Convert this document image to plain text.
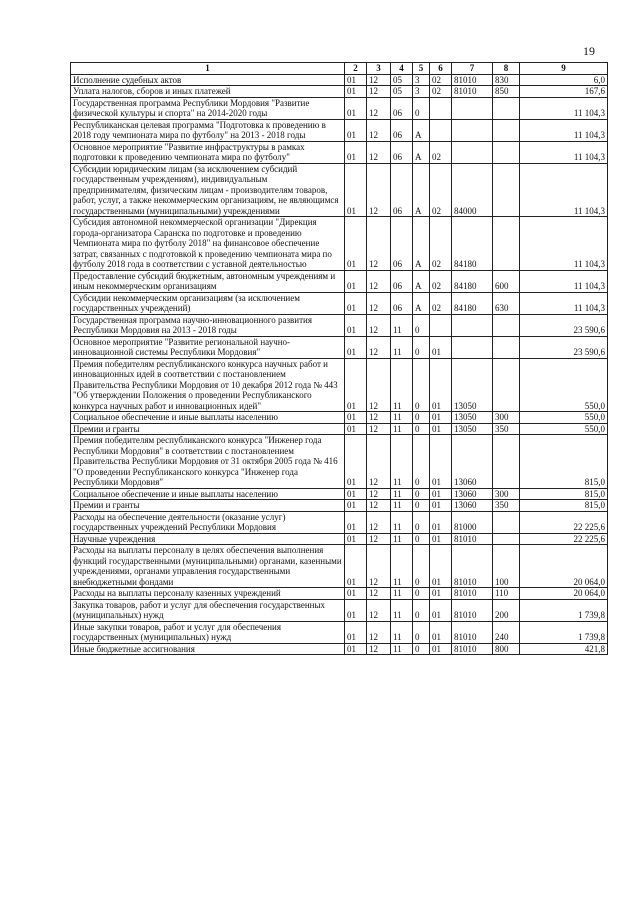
19
1	2	3	4	5	6	7	8	9
Исполнение судебных актов	01	12	05	3	02	81010	830	6,0
Уплата налогов, сборов и иных платежей	01	12	05	3	02	81010	850	167,6
Государственная программа Республики Мордовия "Развитие физической культуры и спорта" на 2014-2020 годы	01	12	06	0				11 104,3
Республиканская целевая программа "Подготовка к проведению в 2018 году чемпионата мира по футболу" на 2013 - 2018 годы	01	12	06	А				11 104,3
Основное мероприятие "Развитие инфраструктуры в рамках подготовки к проведению чемпионата мира по футболу"	01	12	06	А	02			11 104,3
Субсидии юридическим лицам (за исключением субсидий государственным учреждениям), индивидуальным предпринимателям, физическим лицам - производителям товаров, работ, услуг, а также некоммерческим организациям, не являющимся государственными (муниципальными) учреждениями	01	12	06	А	02	84000		11 104,3
Субсидия автономной некоммерческой организации "Дирекция города-организатора Саранска по подготовке и проведению Чемпионата мира по футболу 2018" на финансовое обеспечение затрат, связанных с подготовкой к проведению чемпионата мира по футболу 2018 года в соответствии с уставной деятельностью	01	12	06	А	02	84180		11 104,3
Предоставление субсидий бюджетным, автономным учреждениям и иным некоммерческим организациям	01	12	06	А	02	84180	600	11 104,3
Субсидии некоммерческим организациям (за исключением государственных учреждений)	01	12	06	А	02	84180	630	11 104,3
Государственная программа научно-инновационного развития Республики Мордовия на 2013 - 2018 годы	01	12	11	0				23 590,6
Основное мероприятие "Развитие региональной научно-инновационной системы Республики Мордовия"	01	12	11	0	01			23 590,6
Премия победителям республиканского конкурса научных работ и инновационных идей в соответствии с постановлением Правительства Республики Мордовия от 10 декабря 2012 года № 443 "Об утверждении Положения о проведении Республиканского конкурса научных работ и инновационных идей"	01	12	11	0	01	13050		550,0
Социальное обеспечение и иные выплаты населению	01	12	11	0	01	13050	300	550,0
Премии и гранты	01	12	11	0	01	13050	350	550,0
Премия победителям республиканского конкурса "Инженер года Республики Мордовия" в соответствии с постановлением Правительства Республики Мордовия от 31 октября 2005 года № 416 "О проведении Республиканского конкурса "Инженер года Республики Мордовия"	01	12	11	0	01	13060		815,0
Социальное обеспечение и иные выплаты населению	01	12	11	0	01	13060	300	815,0
Премии и гранты	01	12	11	0	01	13060	350	815,0
Расходы на обеспечение деятельности (оказание услуг) государственных учреждений Республики Мордовия	01	12	11	0	01	81000		22 225,6
Научные учреждения	01	12	11	0	01	81010		22 225,6
Расходы на выплаты персоналу в целях обеспечения выполнения функций государственными (муниципальными) органами, казенными учреждениями, органами управления государственными внебюджетными фондами	01	12	11	0	01	81010	100	20 064,0
Расходы на выплаты персоналу казенных учреждений	01	12	11	0	01	81010	110	20 064,0
Закупка товаров, работ и услуг для обеспечения государственных (муниципальных) нужд	01	12	11	0	01	81010	200	1 739,8
Иные закупки товаров, работ и услуг для обеспечения государственных (муниципальных) нужд	01	12	11	0	01	81010	240	1 739,8
Иные бюджетные ассигнования	01	12	11	0	01	81010	800	421,8
